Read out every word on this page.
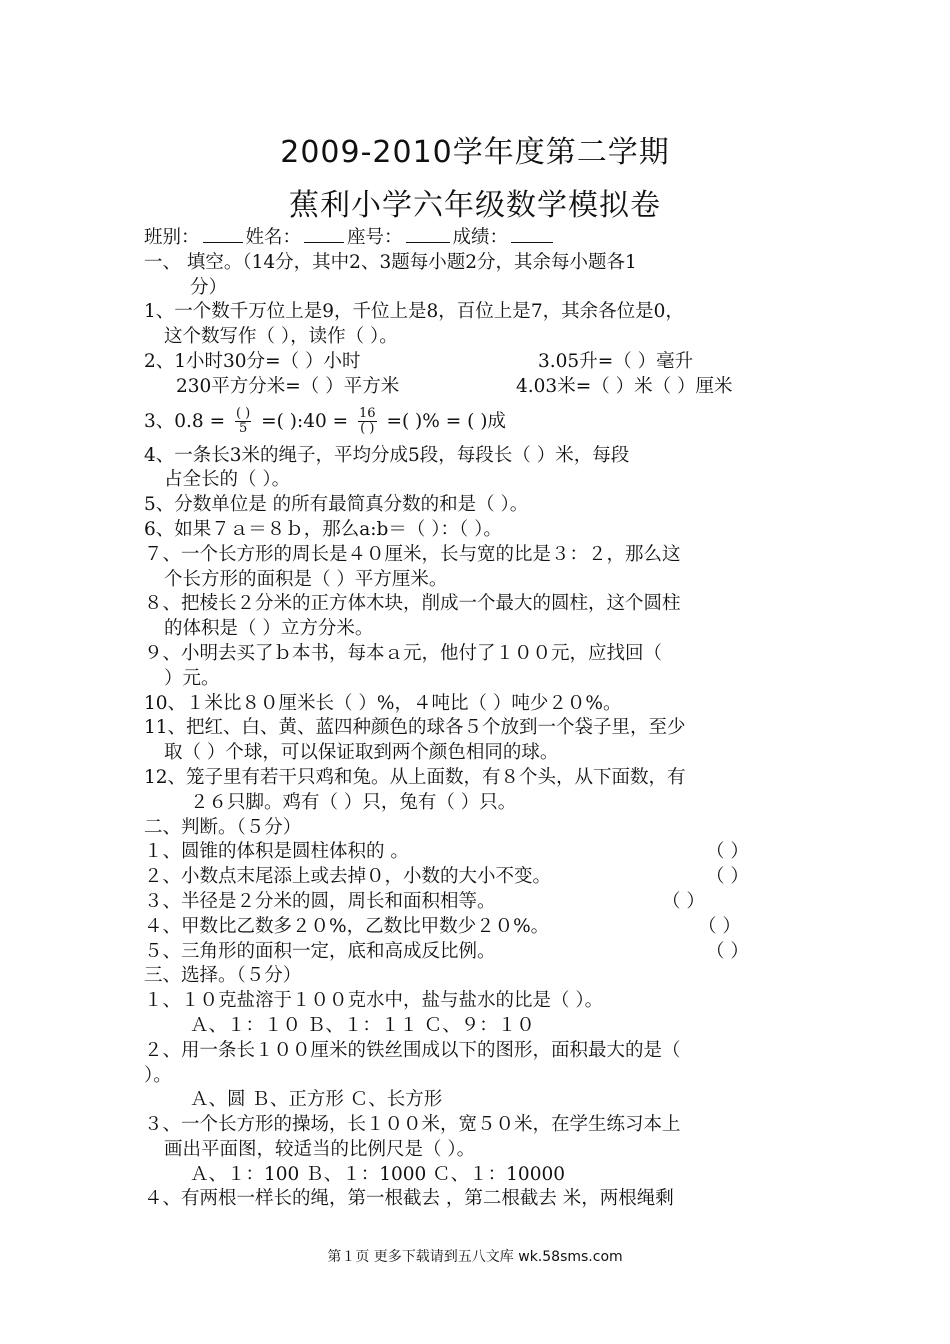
2009-2010学年度第二学期
蕉利小学六年级数学模拟卷
班别： 姓名： 座号：	成绩：
一、 填空。（14分，其中2、3题每小题2分，其余每小题各1
分）
1、一个数千万位上是9，千位上是8，百位上是7，其余各位是0，
这个数写作（ ），读作（ ）。
2、1小时30分=（ ）小时	3.05升=（ ）毫升
230平方分米=（ ）平方米	4.03米=（ ）米（ ）厘米
3、$0.8 = \frac{( )}{5}$ =( ):40 = $\frac{16}{( )}$ =( )% = ( )成
4、一条长3米的绳子，平均分成5段，每段长（ ）米，每段
占全长的（ ）。
5、分数单位是 的所有最简真分数的和是（ ）。
6、如果７ａ＝８ｂ，那么a:b＝（ ）：（ ）。
７、一个长方形的周长是４０厘米，长与宽的比是３：２，那么这
个长方形的面积是（ ）平方厘米。
８、把棱长２分米的正方体木块，削成一个最大的圆柱，这个圆柱
的体积是（ ）立方分米。
９、小明去买了ｂ本书，每本ａ元，他付了１００元，应找回（
）元。
10、１米比８０厘米长（ ）%，４吨比（ ）吨少２０%。
11、把红、白、黄、蓝四种颜色的球各５个放到一个袋子里，至少
取（ ）个球，可以保证取到两个颜色相同的球。
12、笼子里有若干只鸡和兔。从上面数，有８个头，从下面数，有
２６只脚。鸡有（ ）只，兔有（ ）只。
二、判断。（５分）
１、圆锥的体积是圆柱体积的 。	（ ）
２、小数点末尾添上或去掉０，小数的大小不变。	（ ）
３、半径是２分米的圆，周长和面积相等。	（ ）
４、甲数比乙数多２０%，乙数比甲数少２０%。	（ ）
５、三角形的面积一定，底和高成反比例。	（ ）
三、选择。（５分）
１、１０克盐溶于１００克水中，盐与盐水的比是（ ）。
Ａ、１：１０ Ｂ、１：１１ Ｃ、９：１０
２、用一条长１００厘米的铁丝围成以下的图形，面积最大的是（
）。
Ａ、圆 Ｂ、正方形 Ｃ、长方形
３、一个长方形的操场，长１００米，宽５０米，在学生练习本上
画出平面图，较适当的比例尺是（ ）。
Ａ、１：100 Ｂ、１：1000 Ｃ、１：10000
４、有两根一样长的绳，第一根截去 ，第二根截去 米，两根绳剩
第１页 更多下载请到五八文库 wk.58sms.com
